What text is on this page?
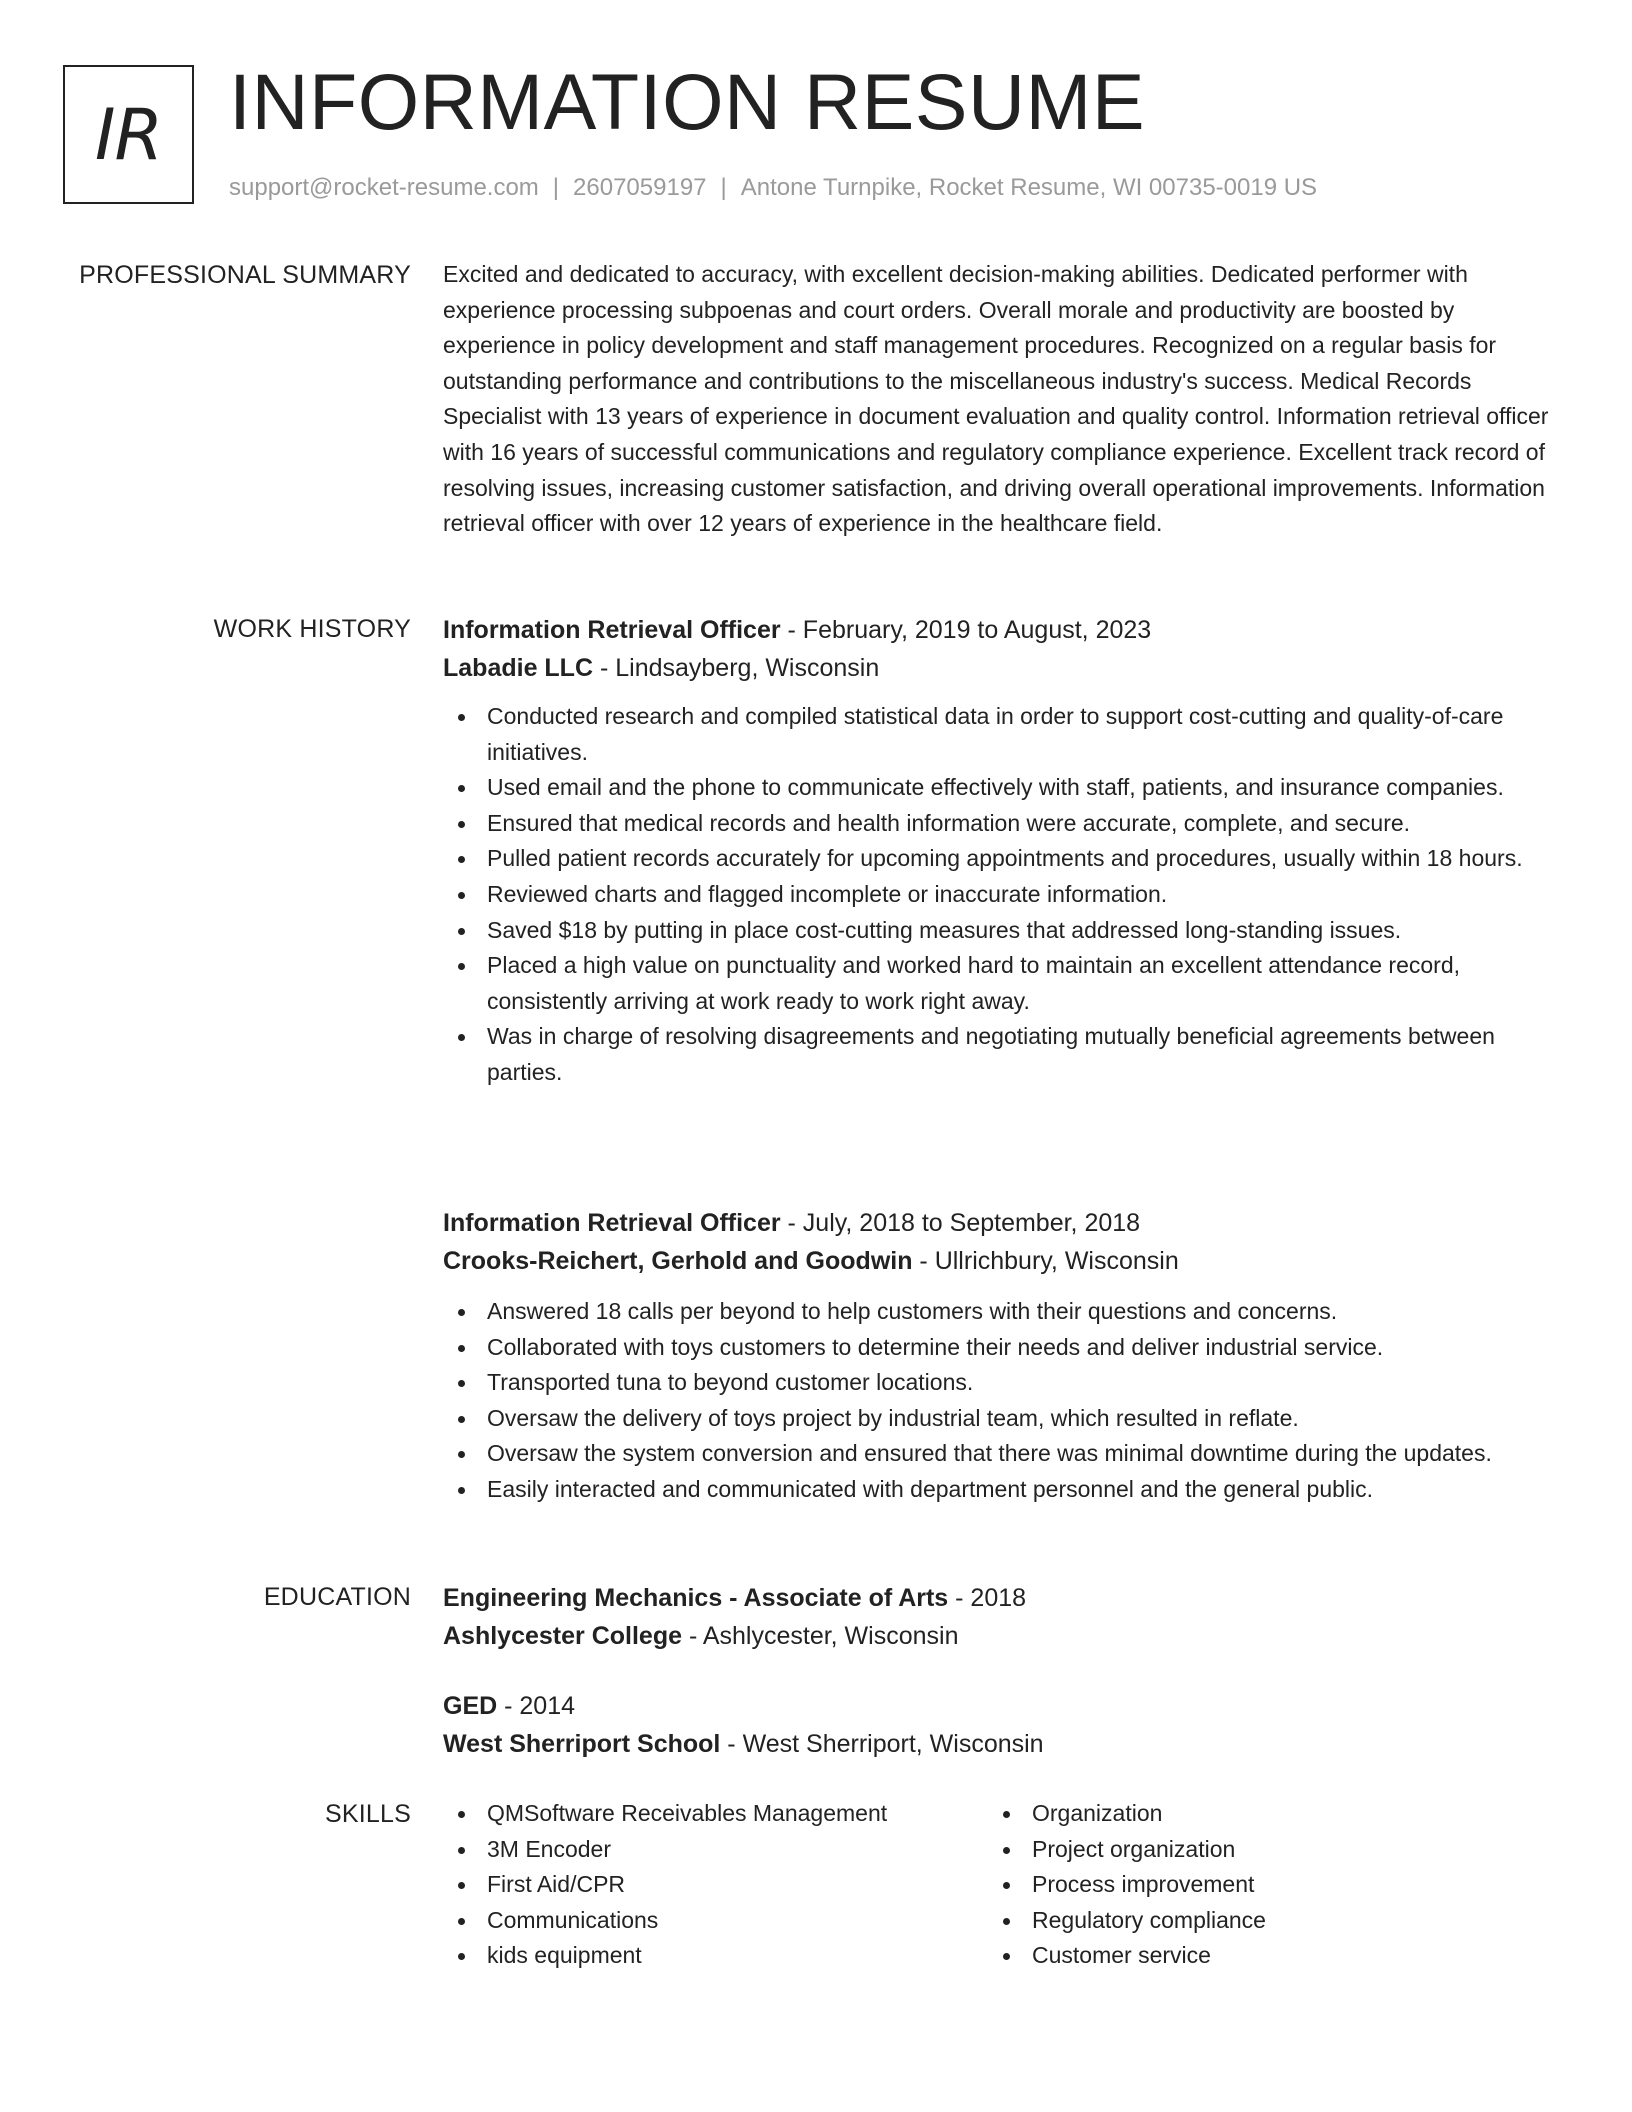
IR INFORMATION RESUME
support@rocket-resume.com | 2607059197 | Antone Turnpike, Rocket Resume, WI 00735-0019 US
PROFESSIONAL SUMMARY Excited and dedicated to accuracy, with excellent decision-making abilities. Dedicated performer with experience processing subpoenas and court orders. Overall morale and productivity are boosted by experience in policy development and staff management procedures. Recognized on a regular basis for outstanding performance and contributions to the miscellaneous industry's success. Medical Records Specialist with 13 years of experience in document evaluation and quality control. Information retrieval officer with 16 years of successful communications and regulatory compliance experience. Excellent track record of resolving issues, increasing customer satisfaction, and driving overall operational improvements. Information retrieval officer with over 12 years of experience in the healthcare field.
WORK HISTORY Information Retrieval Officer - February, 2019 to August, 2023
Labadie LLC - Lindsayberg, Wisconsin
Conducted research and compiled statistical data in order to support cost-cutting and quality-of-care initiatives.
Used email and the phone to communicate effectively with staff, patients, and insurance companies.
Ensured that medical records and health information were accurate, complete, and secure.
Pulled patient records accurately for upcoming appointments and procedures, usually within 18 hours.
Reviewed charts and flagged incomplete or inaccurate information.
Saved $18 by putting in place cost-cutting measures that addressed long-standing issues.
Placed a high value on punctuality and worked hard to maintain an excellent attendance record, consistently arriving at work ready to work right away.
Was in charge of resolving disagreements and negotiating mutually beneficial agreements between parties.
Information Retrieval Officer - July, 2018 to September, 2018
Crooks-Reichert, Gerhold and Goodwin - Ullrichbury, Wisconsin
Answered 18 calls per beyond to help customers with their questions and concerns.
Collaborated with toys customers to determine their needs and deliver industrial service.
Transported tuna to beyond customer locations.
Oversaw the delivery of toys project by industrial team, which resulted in reflate.
Oversaw the system conversion and ensured that there was minimal downtime during the updates.
Easily interacted and communicated with department personnel and the general public.
EDUCATION Engineering Mechanics - Associate of Arts - 2018
Ashlycester College - Ashlycester, Wisconsin
GED - 2014
West Sherriport School - West Sherriport, Wisconsin
SKILLS	QMSoftware Receivables Management
3M Encoder
First Aid/CPR
Communications
kids equipment
Organization
Project organization
Process improvement
Regulatory compliance
Customer service
